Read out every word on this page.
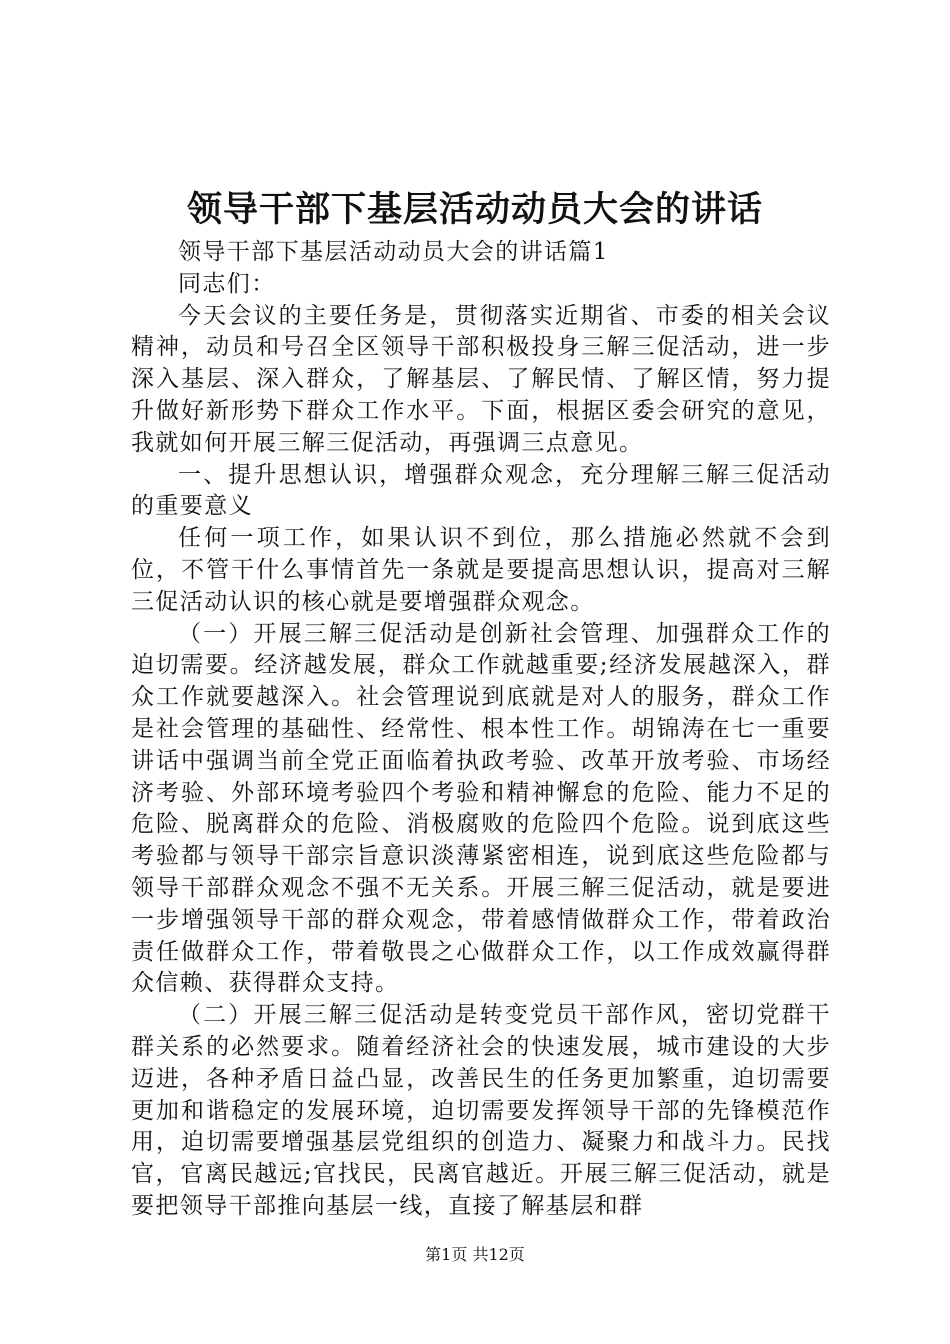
领导干部下基层活动动员大会的讲话

领导干部下基层活动动员大会的讲话篇1

同志们：

今天会议的主要任务是，贯彻落实近期省、市委的相关会议精神，动员和号召全区领导干部积极投身三解三促活动，进一步深入基层、深入群众，了解基层、了解民情、了解区情，努力提升做好新形势下群众工作水平。下面，根据区委会研究的意见，我就如何开展三解三促活动，再强调三点意见。

一、提升思想认识，增强群众观念，充分理解三解三促活动的重要意义

任何一项工作，如果认识不到位，那么措施必然就不会到位，不管干什么事情首先一条就是要提高思想认识，提高对三解三促活动认识的核心就是要增强群众观念。

（一）开展三解三促活动是创新社会管理、加强群众工作的迫切需要。经济越发展，群众工作就越重要;经济发展越深入，群众工作就要越深入。社会管理说到底就是对人的服务，群众工作是社会管理的基础性、经常性、根本性工作。胡锦涛在七一重要讲话中强调当前全党正面临着执政考验、改革开放考验、市场经济考验、外部环境考验四个考验和精神懈怠的危险、能力不足的危险、脱离群众的危险、消极腐败的危险四个危险。说到底这些考验都与领导干部宗旨意识淡薄紧密相连，说到底这些危险都与领导干部群众观念不强不无关系。开展三解三促活动，就是要进一步增强领导干部的群众观念，带着感情做群众工作，带着政治责任做群众工作，带着敬畏之心做群众工作，以工作成效赢得群众信赖、获得群众支持。

（二）开展三解三促活动是转变党员干部作风，密切党群干群关系的必然要求。随着经济社会的快速发展，城市建设的大步迈进，各种矛盾日益凸显，改善民生的任务更加繁重，迫切需要更加和谐稳定的发展环境，迫切需要发挥领导干部的先锋模范作用，迫切需要增强基层党组织的创造力、凝聚力和战斗力。民找官，官离民越远;官找民，民离官越近。开展三解三促活动，就是要把领导干部推向基层一线，直接了解基层和群

第1页 共12页
